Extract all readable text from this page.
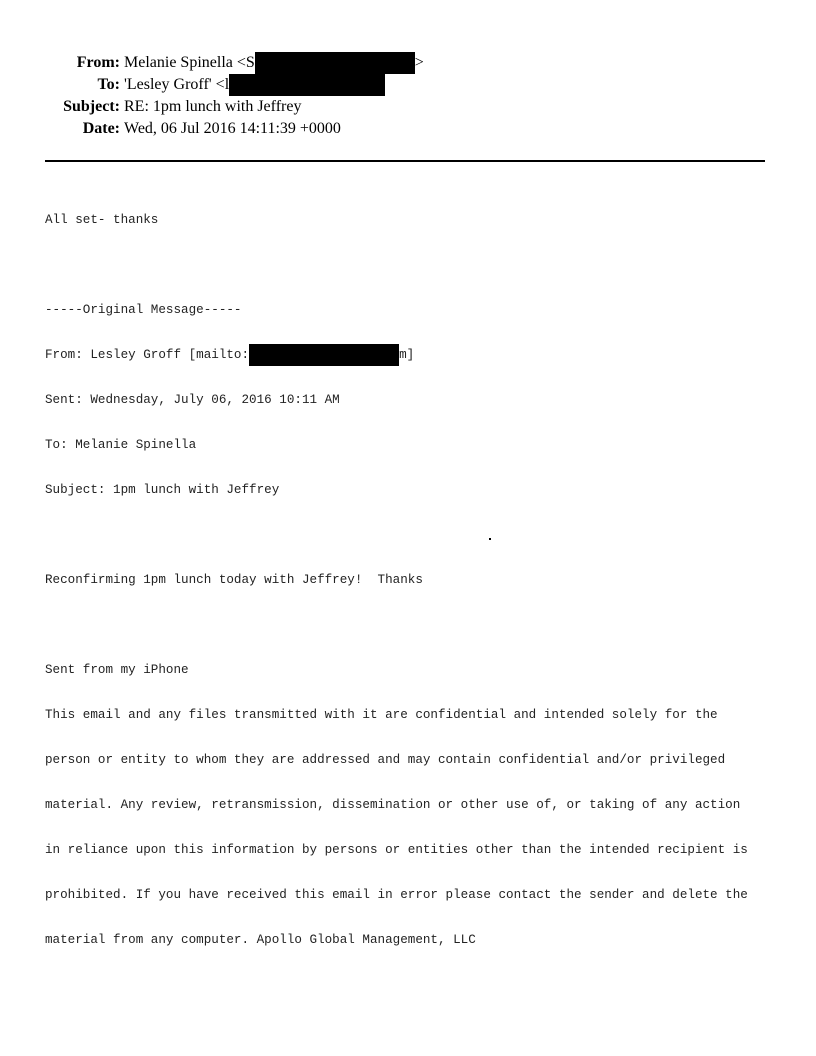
From: Melanie Spinella <S	>
To: 'Lesley Groff' <l
Subject: RE: 1pm lunch with Jeffrey
Date: Wed, 06 Jul 2016 14:11:39 +0000

All set- thanks

-----Original Message-----

From: Lesley Groff [mailto:	m]

Sent: Wednesday, July 06, 2016 10:11 AM

To: Melanie Spinella

Subject: 1pm lunch with Jeffrey

Reconfirming 1pm lunch today with Jeffrey!  Thanks

Sent from my iPhone

This email and any files transmitted with it are confidential and intended solely for the

person or entity to whom they are addressed and may contain confidential and/or privileged

material. Any review, retransmission, dissemination or other use of, or taking of any action

in reliance upon this information by persons or entities other than the intended recipient is

prohibited. If you have received this email in error please contact the sender and delete the

material from any computer. Apollo Global Management, LLC
